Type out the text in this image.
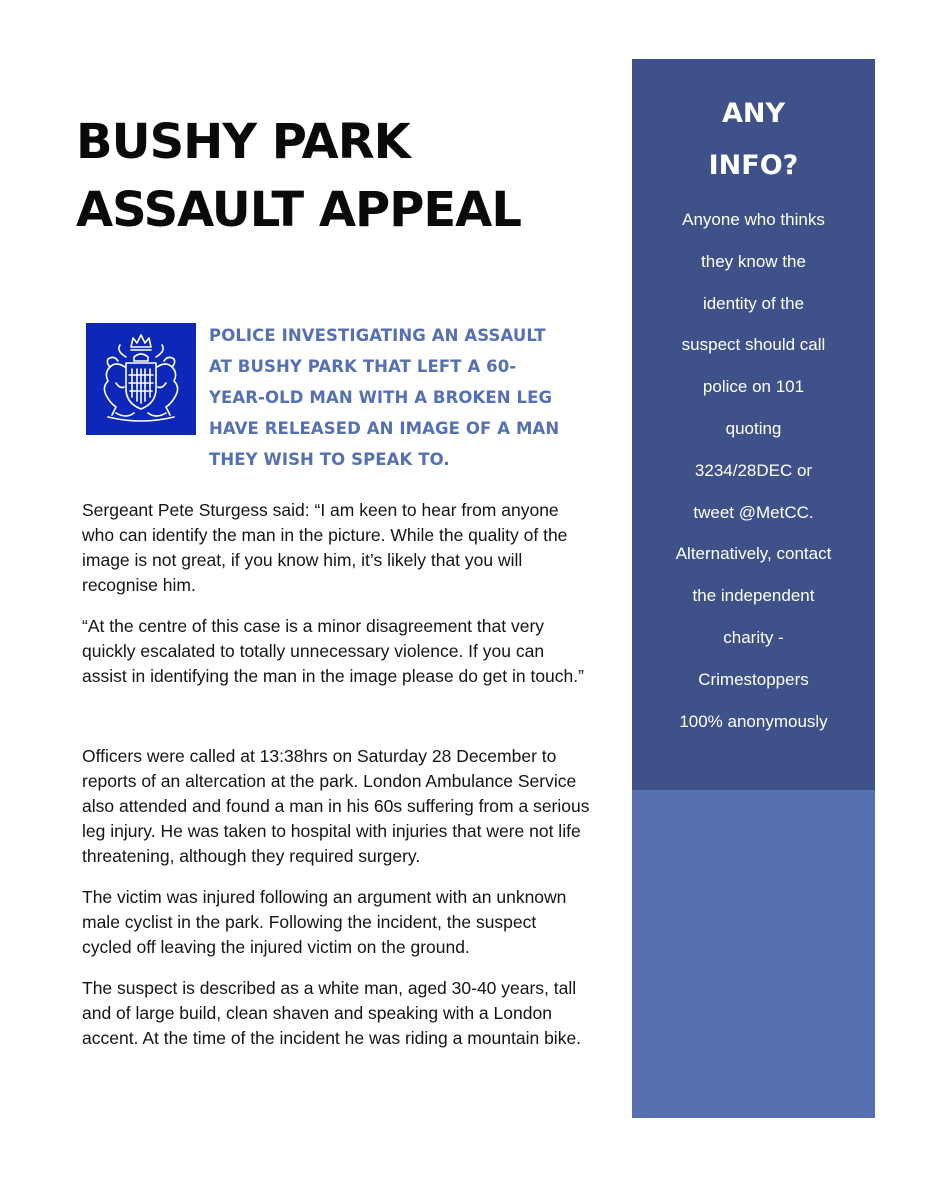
BUSHY PARK
ASSAULT APPEAL

POLICE INVESTIGATING AN ASSAULT
AT BUSHY PARK THAT LEFT A 60-
YEAR-OLD MAN WITH A BROKEN LEG
HAVE RELEASED AN IMAGE OF A MAN
THEY WISH TO SPEAK TO.

Sergeant Pete Sturgess said: “I am keen to hear from anyone
who can identify the man in the picture. While the quality of the
image is not great, if you know him, it’s likely that you will
recognise him.

“At the centre of this case is a minor disagreement that very
quickly escalated to totally unnecessary violence. If you can
assist in identifying the man in the image please do get in touch.”

Officers were called at 13:38hrs on Saturday 28 December to
reports of an altercation at the park. London Ambulance Service
also attended and found a man in his 60s suffering from a serious
leg injury. He was taken to hospital with injuries that were not life
threatening, although they required surgery.

The victim was injured following an argument with an unknown
male cyclist in the park. Following the incident, the suspect
cycled off leaving the injured victim on the ground.

The suspect is described as a white man, aged 30-40 years, tall
and of large build, clean shaven and speaking with a London
accent. At the time of the incident he was riding a mountain bike.

ANY
INFO?

Anyone who thinks
they know the
identity of the
suspect should call
police on 101
quoting
3234/28DEC or
tweet @MetCC.
Alternatively, contact
the independent
charity -
Crimestoppers
100% anonymously
